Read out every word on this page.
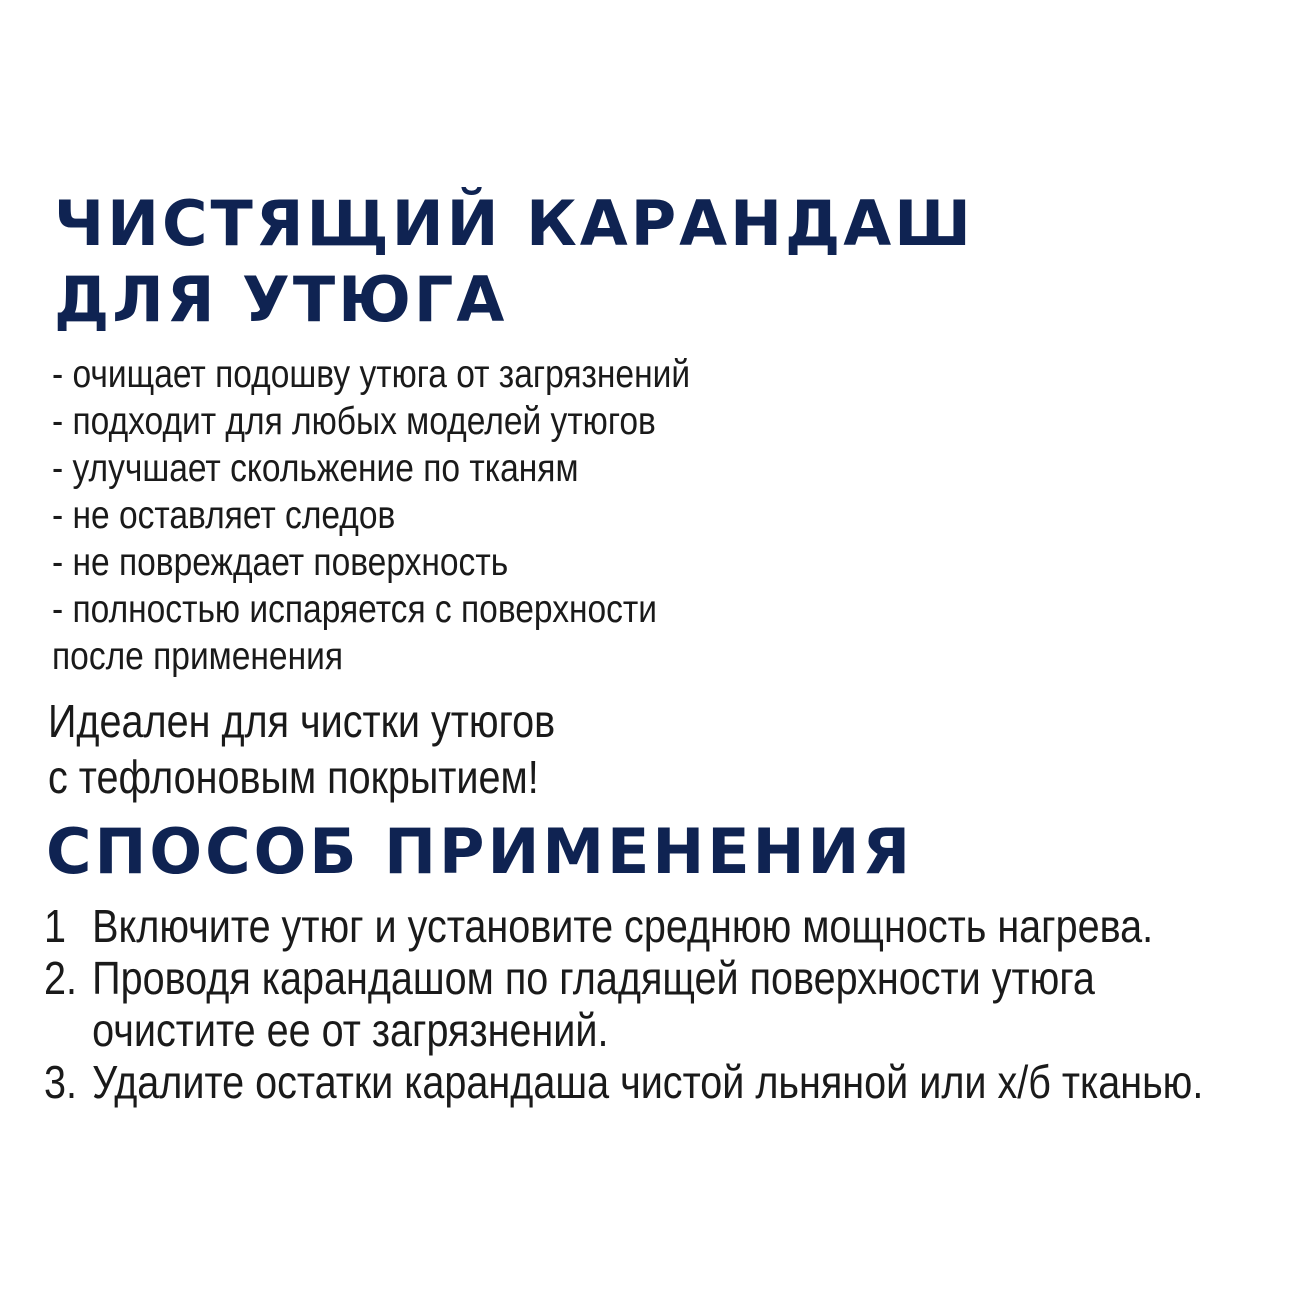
ЧИСТЯЩИЙ КАРАНДАШ
ДЛЯ УТЮГА
- очищает подошву утюга от загрязнений
- подходит для любых моделей утюгов
- улучшает скольжение по тканям
- не оставляет следов
- не повреждает поверхность
- полностью испаряется с поверхности
после применения

Идеален для чистки утюгов
с тефлоновым покрытием!

СПОСОБ ПРИМЕНЕНИЯ
1 Включите утюг и установите среднюю мощность нагрева.
2. Проводя карандашом по гладящей поверхности утюга
очистите ее от загрязнений.
3. Удалите остатки карандаша чистой льняной или х/б тканью.
